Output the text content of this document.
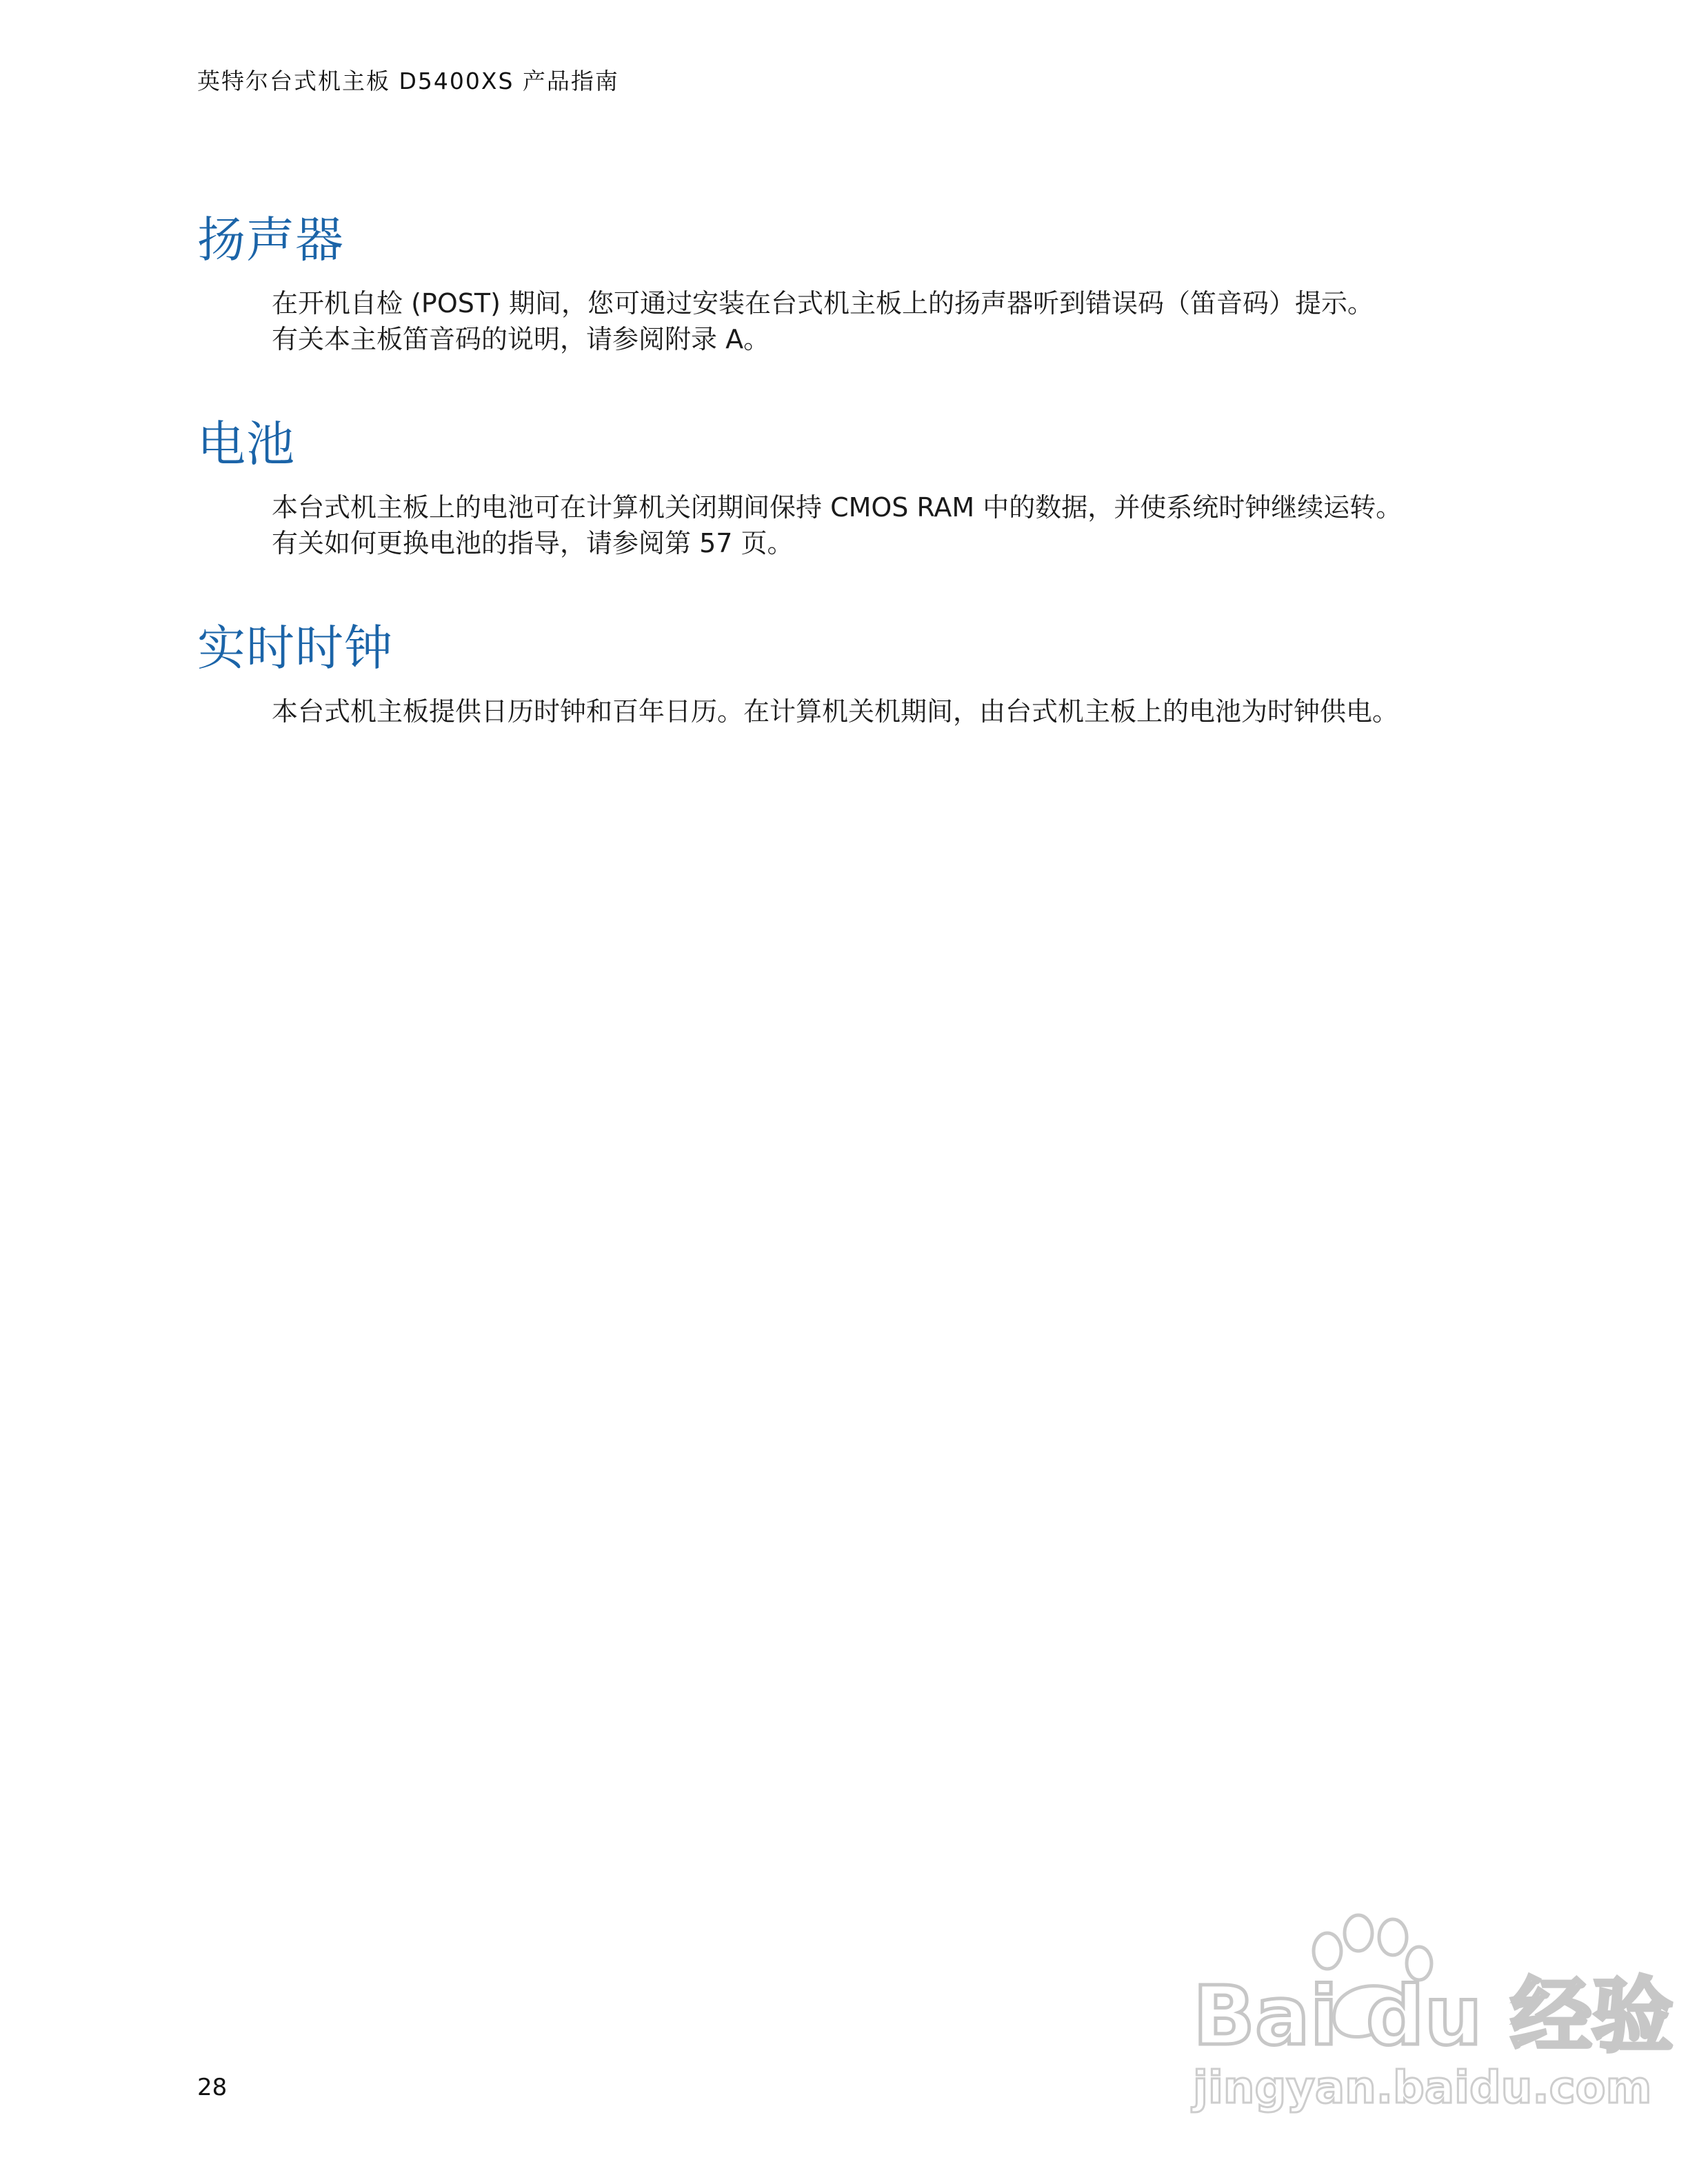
英特尔台式机主板 D5400XS 产品指南
扬声器
在开机自检 (POST) 期间，您可通过安装在台式机主板上的扬声器听到错误码（笛音码）提示。
有关本主板笛音码的说明，请参阅附录 A。
电池
本台式机主板上的电池可在计算机关闭期间保持 CMOS RAM 中的数据，并使系统时钟继续运转。
有关如何更换电池的指导，请参阅第 57 页。
实时时钟
本台式机主板提供日历时钟和百年日历。在计算机关机期间，由台式机主板上的电池为时钟供电。
28
Bai du 经验
jingyan.baidu.com
